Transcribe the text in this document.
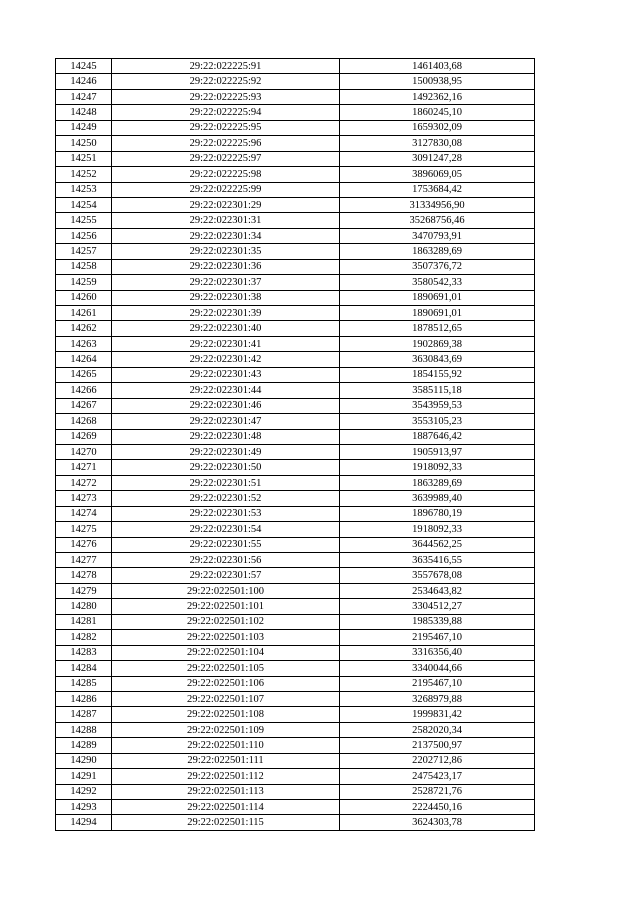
14245	29:22:022225:91	1461403,68
14246	29:22:022225:92	1500938,95
14247	29:22:022225:93	1492362,16
14248	29:22:022225:94	1860245,10
14249	29:22:022225:95	1659302,09
14250	29:22:022225:96	3127830,08
14251	29:22:022225:97	3091247,28
14252	29:22:022225:98	3896069,05
14253	29:22:022225:99	1753684,42
14254	29:22:022301:29	31334956,90
14255	29:22:022301:31	35268756,46
14256	29:22:022301:34	3470793,91
14257	29:22:022301:35	1863289,69
14258	29:22:022301:36	3507376,72
14259	29:22:022301:37	3580542,33
14260	29:22:022301:38	1890691,01
14261	29:22:022301:39	1890691,01
14262	29:22:022301:40	1878512,65
14263	29:22:022301:41	1902869,38
14264	29:22:022301:42	3630843,69
14265	29:22:022301:43	1854155,92
14266	29:22:022301:44	3585115,18
14267	29:22:022301:46	3543959,53
14268	29:22:022301:47	3553105,23
14269	29:22:022301:48	1887646,42
14270	29:22:022301:49	1905913,97
14271	29:22:022301:50	1918092,33
14272	29:22:022301:51	1863289,69
14273	29:22:022301:52	3639989,40
14274	29:22:022301:53	1896780,19
14275	29:22:022301:54	1918092,33
14276	29:22:022301:55	3644562,25
14277	29:22:022301:56	3635416,55
14278	29:22:022301:57	3557678,08
14279	29:22:022501:100	2534643,82
14280	29:22:022501:101	3304512,27
14281	29:22:022501:102	1985339,88
14282	29:22:022501:103	2195467,10
14283	29:22:022501:104	3316356,40
14284	29:22:022501:105	3340044,66
14285	29:22:022501:106	2195467,10
14286	29:22:022501:107	3268979,88
14287	29:22:022501:108	1999831,42
14288	29:22:022501:109	2582020,34
14289	29:22:022501:110	2137500,97
14290	29:22:022501:111	2202712,86
14291	29:22:022501:112	2475423,17
14292	29:22:022501:113	2528721,76
14293	29:22:022501:114	2224450,16
14294	29:22:022501:115	3624303,78
